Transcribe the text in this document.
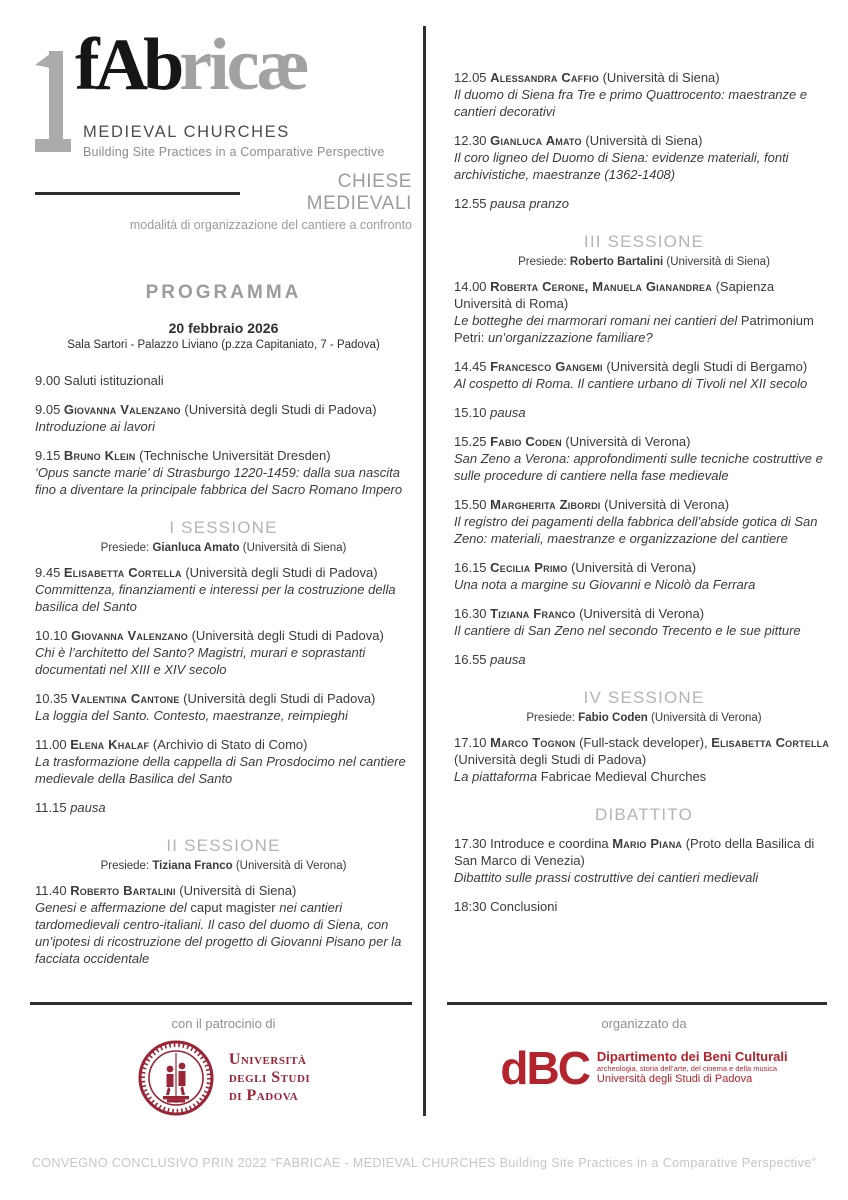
fAbricæ
MEDIEVAL CHURCHES
Building Site Practices in a Comparative Perspective
CHIESE MEDIEVALI
modalità di organizzazione del cantiere a confronto
PROGRAMMA
20 febbraio 2026
Sala Sartori - Palazzo Liviano (p.zza Capitaniato, 7 - Padova)
9.00 Saluti istituzionali
9.05 Giovanna Valenzano (Università degli Studi di Padova)
Introduzione ai lavori
9.15 Bruno Klein (Technische Universität Dresden)
‘Opus sancte marie’ di Strasburgo 1220-1459: dalla sua nascita fino a diventare la principale fabbrica del Sacro Romano Impero
I SESSIONE
Presiede: Gianluca Amato (Università di Siena)
9.45 Elisabetta Cortella (Università degli Studi di Padova)
Committenza, finanziamenti e interessi per la costruzione della basilica del Santo
10.10 Giovanna Valenzano (Università degli Studi di Padova)
Chi è l’architetto del Santo? Magistri, murari e soprastanti documentati nel XIII e XIV secolo
10.35 Valentina Cantone (Università degli Studi di Padova)
La loggia del Santo. Contesto, maestranze, reimpieghi
11.00 Elena Khalaf (Archivio di Stato di Como)
La trasformazione della cappella di San Prosdocimo nel cantiere medievale della Basilica del Santo
11.15 pausa
II SESSIONE
Presiede: Tiziana Franco (Università di Verona)
11.40 Roberto Bartalini (Università di Siena)
Genesi e affermazione del caput magister nei cantieri tardomedievali centro-italiani. Il caso del duomo di Siena, con un’ipotesi di ricostruzione del progetto di Giovanni Pisano per la facciata occidentale
12.05 Alessandra Caffio (Università di Siena)
Il duomo di Siena fra Tre e primo Quattrocento: maestranze e cantieri decorativi
12.30 Gianluca Amato (Università di Siena)
Il coro ligneo del Duomo di Siena: evidenze materiali, fonti archivistiche, maestranze (1362-1408)
12.55 pausa pranzo
III SESSIONE
Presiede: Roberto Bartalini (Università di Siena)
14.00 Roberta Cerone, Manuela Gianandrea (Sapienza Università di Roma)
Le botteghe dei marmorari romani nei cantieri del Patrimonium Petri: un’organizzazione familiare?
14.45 Francesco Gangemi (Università degli Studi di Bergamo)
Al cospetto di Roma. Il cantiere urbano di Tivoli nel XII secolo
15.10 pausa
15.25 Fabio Coden (Università di Verona)
San Zeno a Verona: approfondimenti sulle tecniche costruttive e sulle procedure di cantiere nella fase medievale
15.50 Margherita Zibordi (Università di Verona)
Il registro dei pagamenti della fabbrica dell’abside gotica di San Zeno: materiali, maestranze e organizzazione del cantiere
16.15 Cecilia Primo (Università di Verona)
Una nota a margine su Giovanni e Nicolò da Ferrara
16.30 Tiziana Franco (Università di Verona)
Il cantiere di San Zeno nel secondo Trecento e le sue pitture
16.55 pausa
IV SESSIONE
Presiede: Fabio Coden (Università di Verona)
17.10 Marco Tognon (Full-stack developer), Elisabetta Cortella (Università degli Studi di Padova)
La piattaforma Fabricae Medieval Churches
DIBATTITO
17.30 Introduce e coordina Mario Piana (Proto della Basilica di San Marco di Venezia)
Dibattito sulle prassi costruttive dei cantieri medievali
18:30 Conclusioni
con il patrocinio di
Università
degli Studi
di Padova
organizzato da
dBC Dipartimento dei Beni Culturali
archeologia, storia dell’arte, del cinema e della musica
Università degli Studi di Padova
CONVEGNO CONCLUSIVO PRIN 2022 “FABRICAE - MEDIEVAL CHURCHES Building Site Practices in a Comparative Perspective”
